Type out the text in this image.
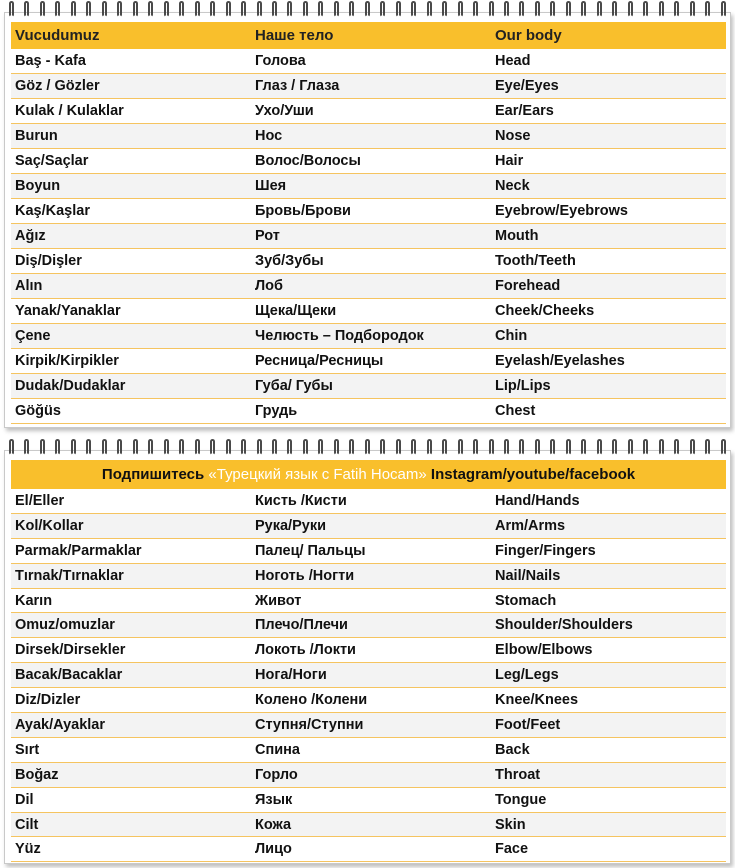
Vucudumuz	Наше тело	Our body
Baş - Kafa	Голова	Head
Göz / Gözler	Глаз / Глаза	Eye/Eyes
Kulak / Kulaklar	Ухо/Уши	Ear/Ears
Burun	Нос	Nose
Saç/Saçlar	Волос/Волосы	Hair
Boyun	Шея	Neck
Kaş/Kaşlar	Бровь/Брови	Eyebrow/Eyebrows
Ağız	Рот	Mouth
Diş/Dişler	Зуб/Зубы	Tooth/Teeth
Alın	Лоб	Forehead
Yanak/Yanaklar	Щека/Щеки	Cheek/Cheeks
Çene	Челюсть – Подбородок	Chin
Kirpik/Kirpikler	Ресница/Ресницы	Eyelash/Eyelashes
Dudak/Dudaklar	Губа/ Губы	Lip/Lips
Göğüs	Грудь	Chest
Подпишитесь «Турецкий язык с Fatih Hocam» Instagram/youtube/facebook		
El/Eller	Кисть /Кисти	Hand/Hands
Kol/Kollar	Рука/Руки	Arm/Arms
Parmak/Parmaklar	Палец/ Пальцы	Finger/Fingers
Tırnak/Tırnaklar	Ноготь /Ногти	Nail/Nails
Karın	Живот	Stomach
Omuz/omuzlar	Плечо/Плечи	Shoulder/Shoulders
Dirsek/Dirsekler	Локоть /Локти	Elbow/Elbows
Bacak/Bacaklar	Нога/Ноги	Leg/Legs
Diz/Dizler	Колено /Колени	Knee/Knees
Ayak/Ayaklar	Ступня/Ступни	Foot/Feet
Sırt	Спина	Back
Boğaz	Горло	Throat
Dil	Язык	Tongue
Cilt	Кожа	Skin
Yüz	Лицо	Face
